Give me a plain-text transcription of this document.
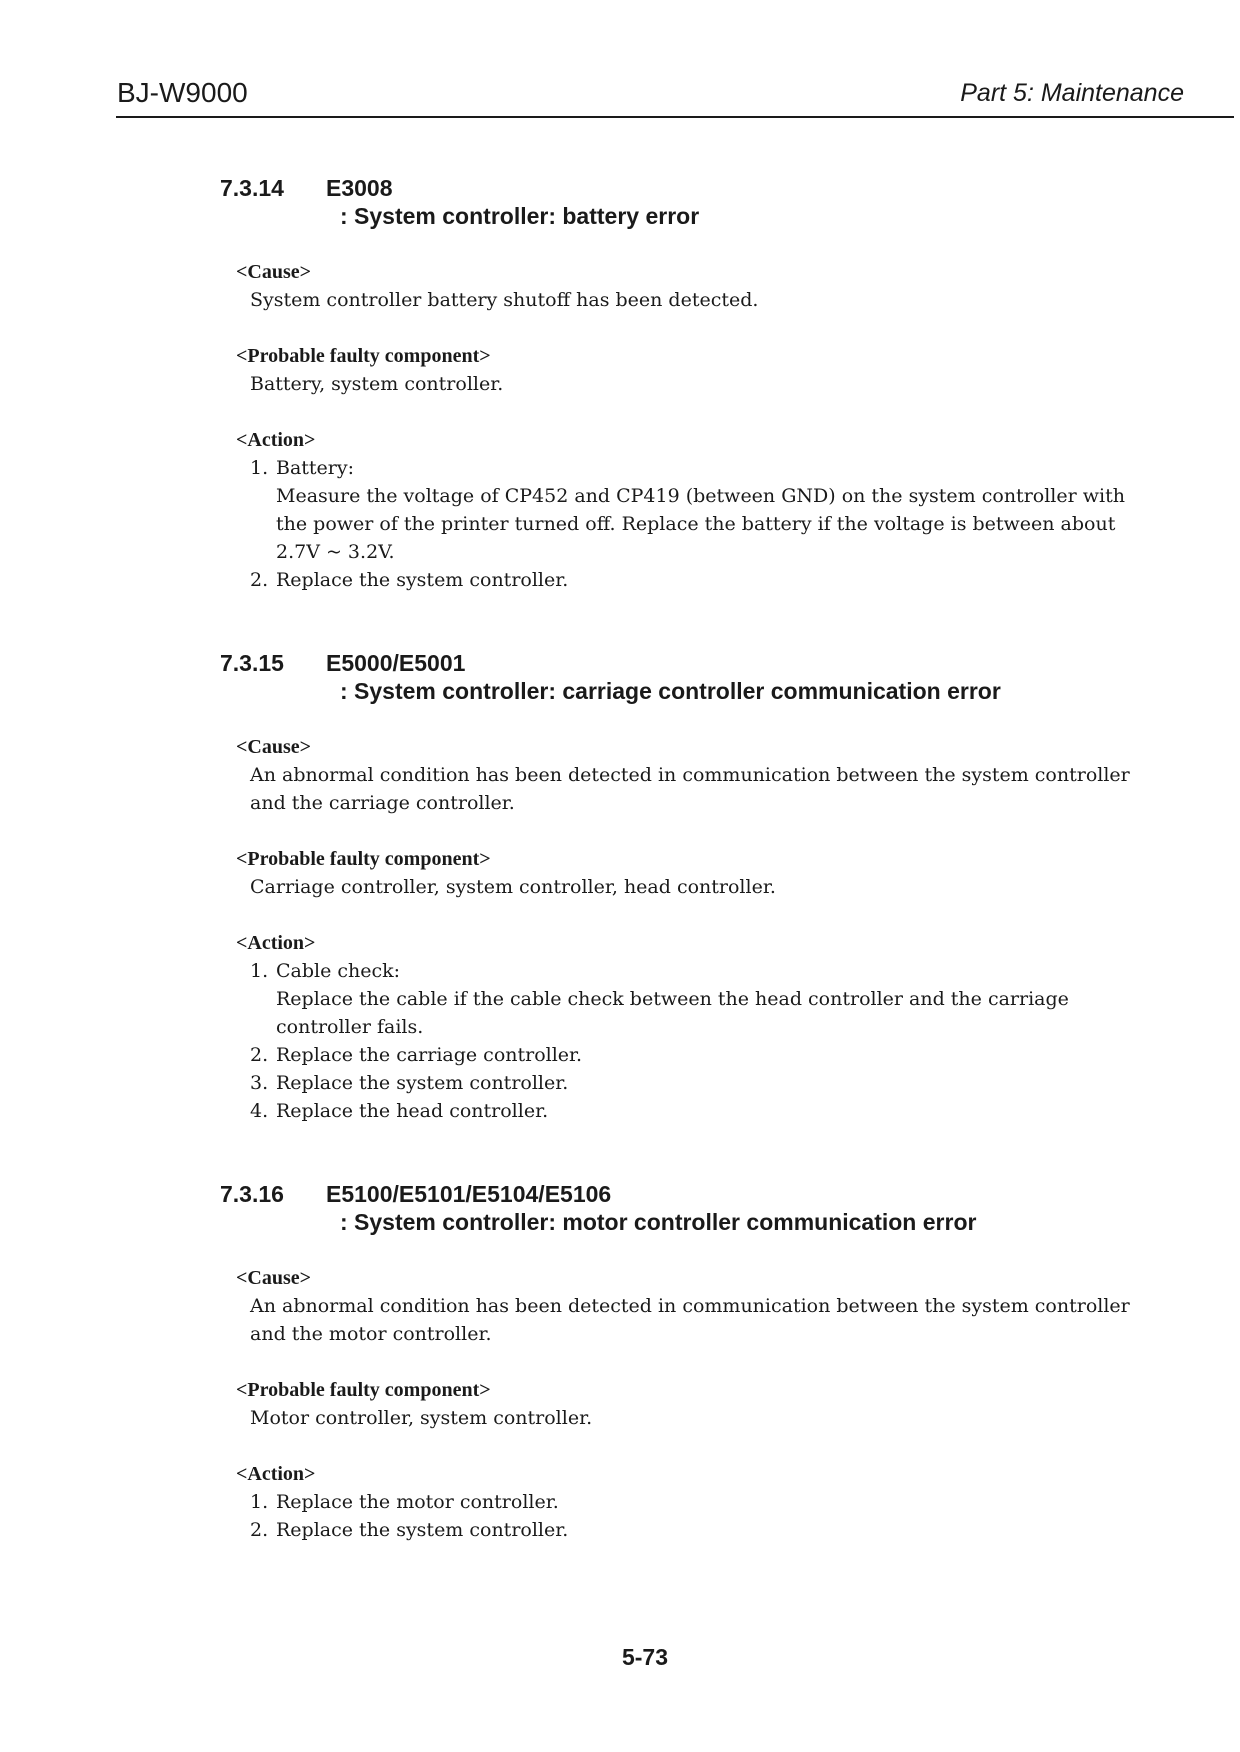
BJ-W9000	Part 5: Maintenance
7.3.14 E3008
: System controller: battery error
<Cause>
System controller battery shutoff has been detected.
<Probable faulty component>
Battery, system controller.
<Action>
1. Battery:
Measure the voltage of CP452 and CP419 (between GND) on the system controller with the power of the printer turned off. Replace the battery if the voltage is between about 2.7V ~ 3.2V.
2. Replace the system controller.
7.3.15 E5000/E5001
: System controller: carriage controller communication error
<Cause>
An abnormal condition has been detected in communication between the system controller and the carriage controller.
<Probable faulty component>
Carriage controller, system controller, head controller.
<Action>
1. Cable check:
Replace the cable if the cable check between the head controller and the carriage controller fails.
2. Replace the carriage controller.
3. Replace the system controller.
4. Replace the head controller.
7.3.16 E5100/E5101/E5104/E5106
: System controller: motor controller communication error
<Cause>
An abnormal condition has been detected in communication between the system controller and the motor controller.
<Probable faulty component>
Motor controller, system controller.
<Action>
1. Replace the motor controller.
2. Replace the system controller.
5-73
